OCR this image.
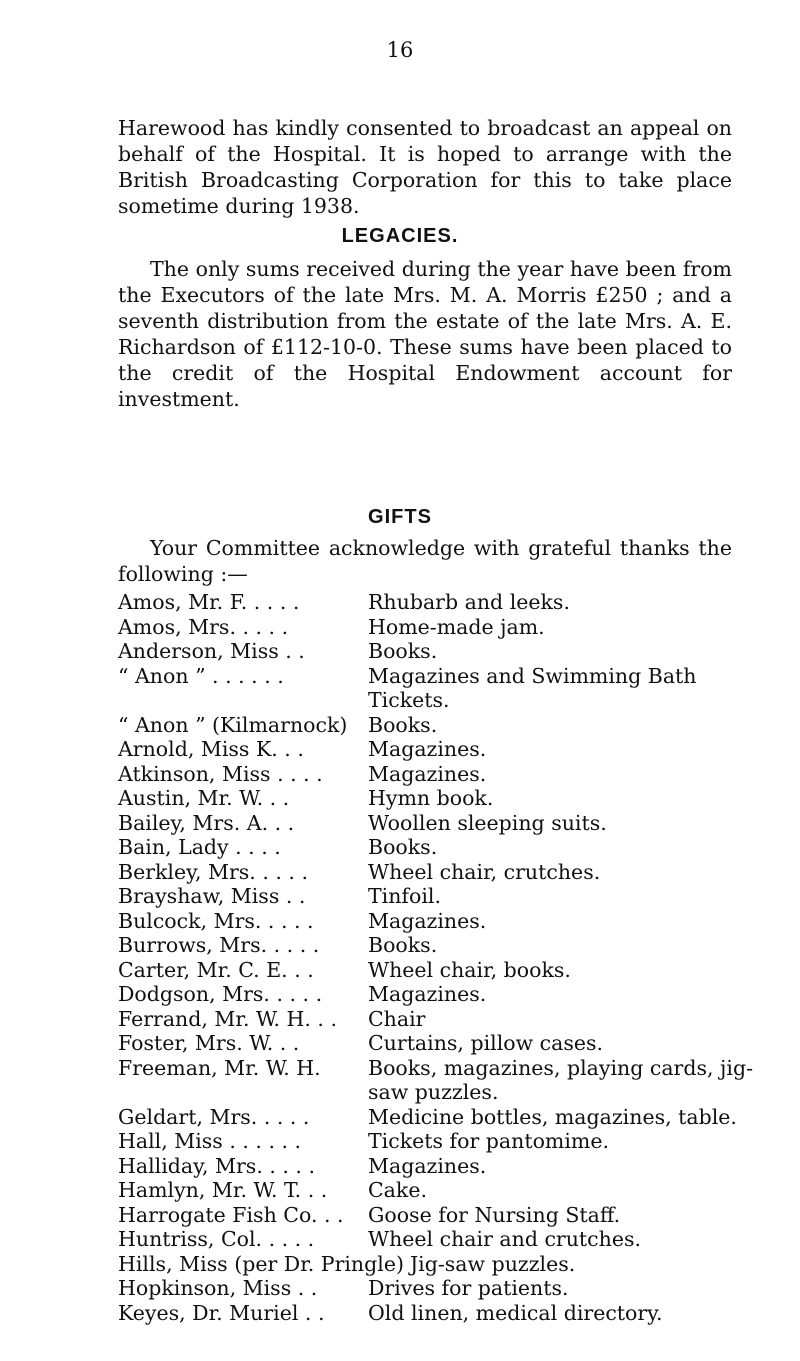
16

Harewood has kindly consented to broadcast an appeal on behalf of the Hospital. It is hoped to arrange with the British Broadcasting Corporation for this to take place sometime during 1938.

LEGACIES.

The only sums received during the year have been from the Executors of the late Mrs. M. A. Morris £250 ; and a seventh distribution from the estate of the late Mrs. A. E. Richardson of £112-10-0. These sums have been placed to the credit of the Hospital Endowment account for investment.

GIFTS

Your Committee acknowledge with grateful thanks the following :—

Amos, Mr. F. . . . .	Rhubarb and leeks.
Amos, Mrs. . . . .	Home-made jam.
Anderson, Miss . .	Books.
“ Anon ” . . . . . .	Magazines and Swimming Bath Tickets.
“ Anon ” (Kilmarnock)	Books.
Arnold, Miss K. . .	Magazines.
Atkinson, Miss . . . .	Magazines.
Austin, Mr. W. . .	Hymn book.
Bailey, Mrs. A. . .	Woollen sleeping suits.
Bain, Lady . . . .	Books.
Berkley, Mrs. . . . .	Wheel chair, crutches.
Brayshaw, Miss . .	Tinfoil.
Bulcock, Mrs. . . . .	Magazines.
Burrows, Mrs. . . . .	Books.
Carter, Mr. C. E. . .	Wheel chair, books.
Dodgson, Mrs. . . . .	Magazines.
Ferrand, Mr. W. H. . .	Chair
Foster, Mrs. W. . .	Curtains, pillow cases.
Freeman, Mr. W. H.	Books, magazines, playing cards, jig-saw puzzles.
Geldart, Mrs. . . . .	Medicine bottles, magazines, table.
Hall, Miss . . . . . .	Tickets for pantomime.
Halliday, Mrs. . . . .	Magazines.
Hamlyn, Mr. W. T. . .	Cake.
Harrogate Fish Co. . .	Goose for Nursing Staff.
Huntriss, Col. . . . .	Wheel chair and crutches.
Hills, Miss (per Dr. Pringle) Jig-saw puzzles.
Hopkinson, Miss . .	Drives for patients.
Keyes, Dr. Muriel . .	Old linen, medical directory.
